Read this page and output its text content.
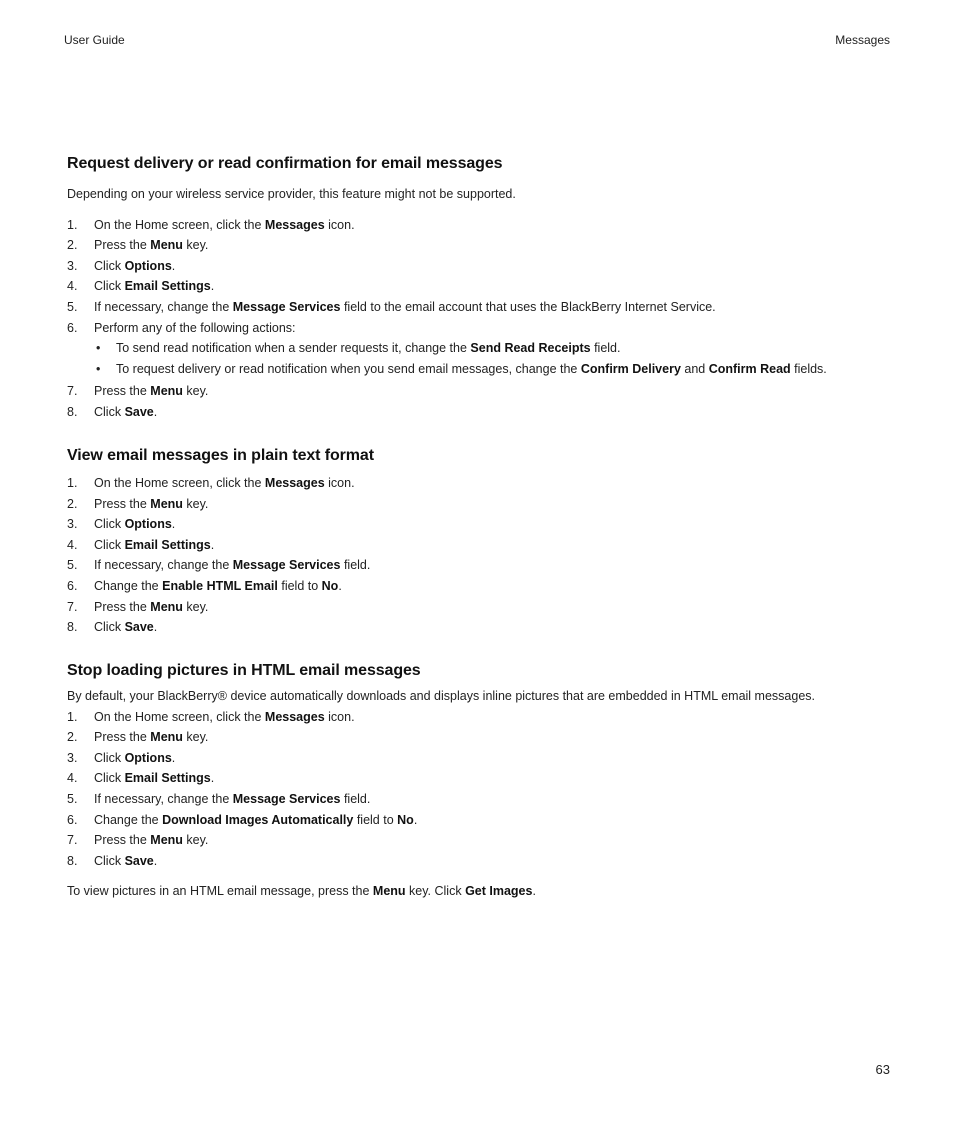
User Guide	Messages
Request delivery or read confirmation for email messages

Depending on your wireless service provider, this feature might not be supported.

1. On the Home screen, click the Messages icon.
2. Press the Menu key.
3. Click Options.
4. Click Email Settings.
5. If necessary, change the Message Services field to the email account that uses the BlackBerry Internet Service.
6. Perform any of the following actions:
• To send read notification when a sender requests it, change the Send Read Receipts field.
• To request delivery or read notification when you send email messages, change the Confirm Delivery and Confirm Read fields.
7. Press the Menu key.
8. Click Save.
View email messages in plain text format
1. On the Home screen, click the Messages icon.
2. Press the Menu key.
3. Click Options.
4. Click Email Settings.
5. If necessary, change the Message Services field.
6. Change the Enable HTML Email field to No.
7. Press the Menu key.
8. Click Save.
Stop loading pictures in HTML email messages

By default, your BlackBerry® device automatically downloads and displays inline pictures that are embedded in HTML email messages.

1. On the Home screen, click the Messages icon.
2. Press the Menu key.
3. Click Options.
4. Click Email Settings.
5. If necessary, change the Message Services field.
6. Change the Download Images Automatically field to No.
7. Press the Menu key.
8. Click Save.

To view pictures in an HTML email message, press the Menu key. Click Get Images.

63
